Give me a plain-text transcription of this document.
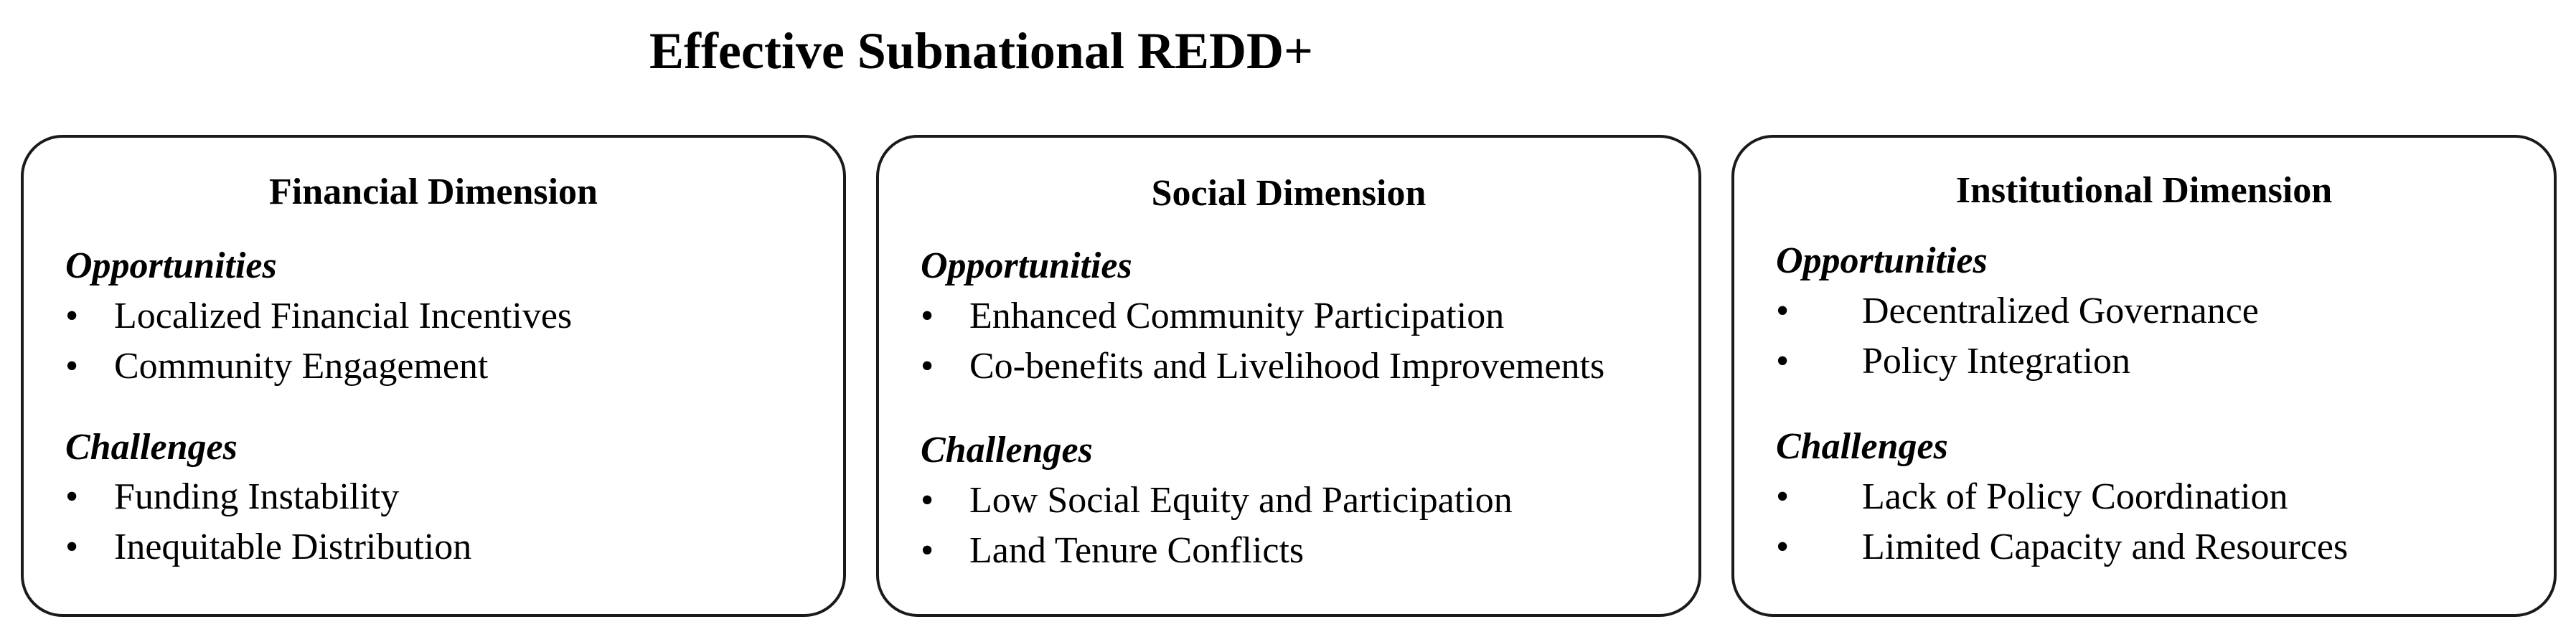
Effective Subnational REDD+
Financial Dimension
Opportunities
• Localized Financial Incentives
• Community Engagement
Challenges
• Funding Instability
• Inequitable Distribution
Social Dimension
Opportunities
• Enhanced Community Participation
• Co-benefits and Livelihood Improvements
Challenges
• Low Social Equity and Participation
• Land Tenure Conflicts
Institutional Dimension
Opportunities
• Decentralized Governance
• Policy Integration
Challenges
• Lack of Policy Coordination
• Limited Capacity and Resources
